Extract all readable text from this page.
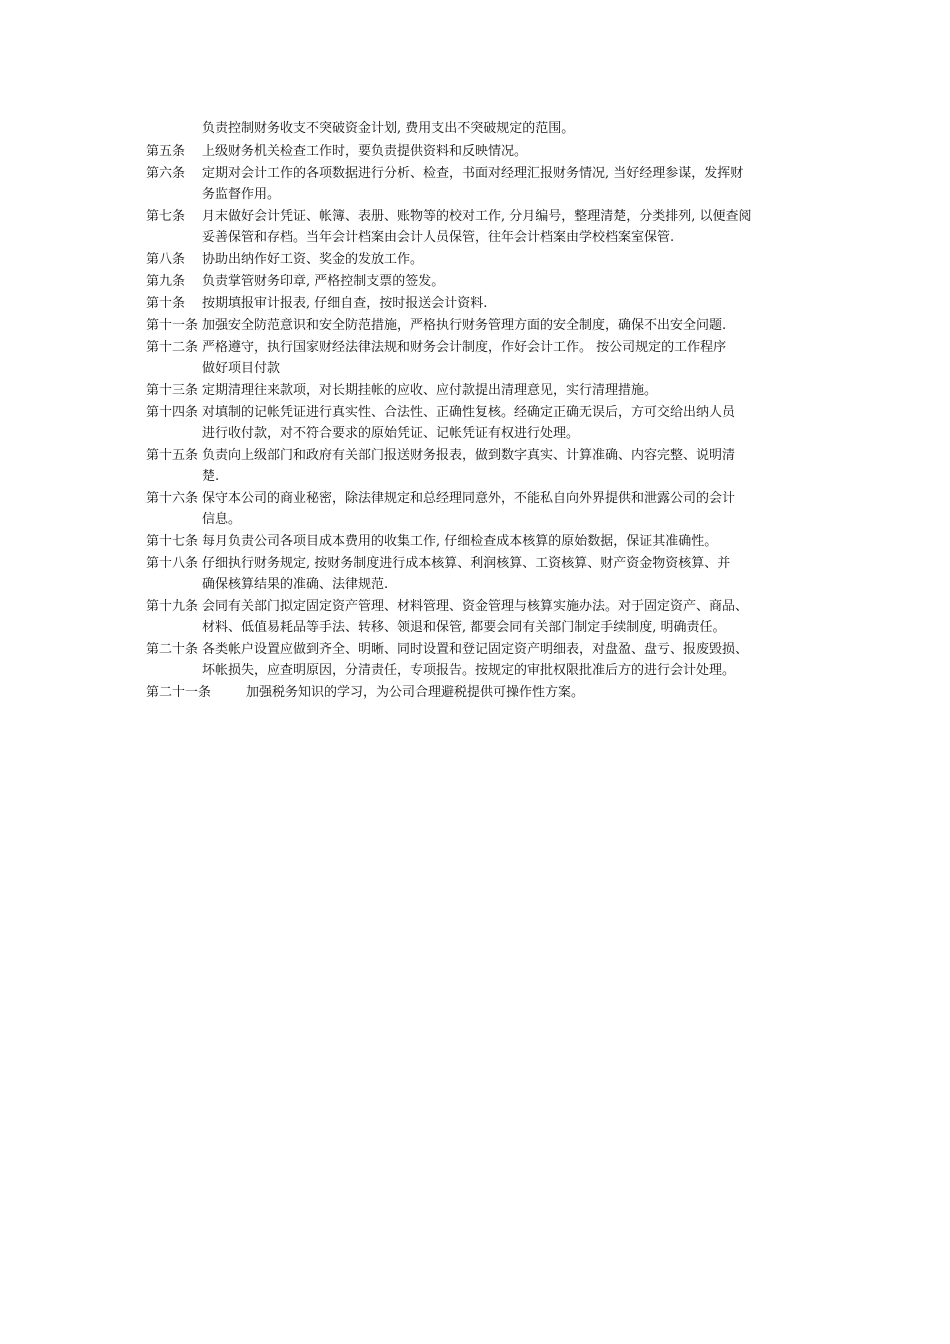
负责控制财务收支不突破资金计划, 费用支出不突破规定的范围。
第五条 上级财务机关检查工作时，要负责提供资料和反映情况。
第六条 定期对会计工作的各项数据进行分析、检查，书面对经理汇报财务情况, 当好经理参谋，发挥财
务监督作用。
第七条 月末做好会计凭证、帐簿、表册、账物等的校对工作, 分月编号，整理清楚，分类排列, 以便查阅
妥善保管和存档。当年会计档案由会计人员保管，往年会计档案由学校档案室保管.
第八条 协助出纳作好工资、奖金的发放工作。
第九条 负责掌管财务印章, 严格控制支票的签发。
第十条 按期填报审计报表, 仔细自查，按时报送会计资料.
第十一条 加强安全防范意识和安全防范措施，严格执行财务管理方面的安全制度，确保不出安全问题.
第十二条 严格遵守，执行国家财经法律法规和财务会计制度，作好会计工作。 按公司规定的工作程序
做好项目付款
第十三条 定期清理往来款项，对长期挂帐的应收、应付款提出清理意见，实行清理措施。
第十四条 对填制的记帐凭证进行真实性、合法性、正确性复核。经确定正确无误后，方可交给出纳人员
进行收付款，对不符合要求的原始凭证、记帐凭证有权进行处理。
第十五条 负责向上级部门和政府有关部门报送财务报表，做到数字真实、计算准确、内容完整、说明清
楚.
第十六条 保守本公司的商业秘密，除法律规定和总经理同意外，不能私自向外界提供和泄露公司的会计
信息。
第十七条 每月负责公司各项目成本费用的收集工作, 仔细检查成本核算的原始数据，保证其准确性。
第十八条 仔细执行财务规定, 按财务制度进行成本核算、利润核算、工资核算、财产资金物资核算、并
确保核算结果的准确、法律规范.
第十九条 会同有关部门拟定固定资产管理、材料管理、资金管理与核算实施办法。对于固定资产、商品、
材料、低值易耗品等手法、转移、领退和保管, 都要会同有关部门制定手续制度, 明确责任。
第二十条 各类帐户设置应做到齐全、明晰、同时设置和登记固定资产明细表，对盘盈、盘亏、报废毁损、
坏帐损失，应查明原因，分清责任，专项报告。按规定的审批权限批准后方的进行会计处理。
第二十一条	加强税务知识的学习，为公司合理避税提供可操作性方案。
